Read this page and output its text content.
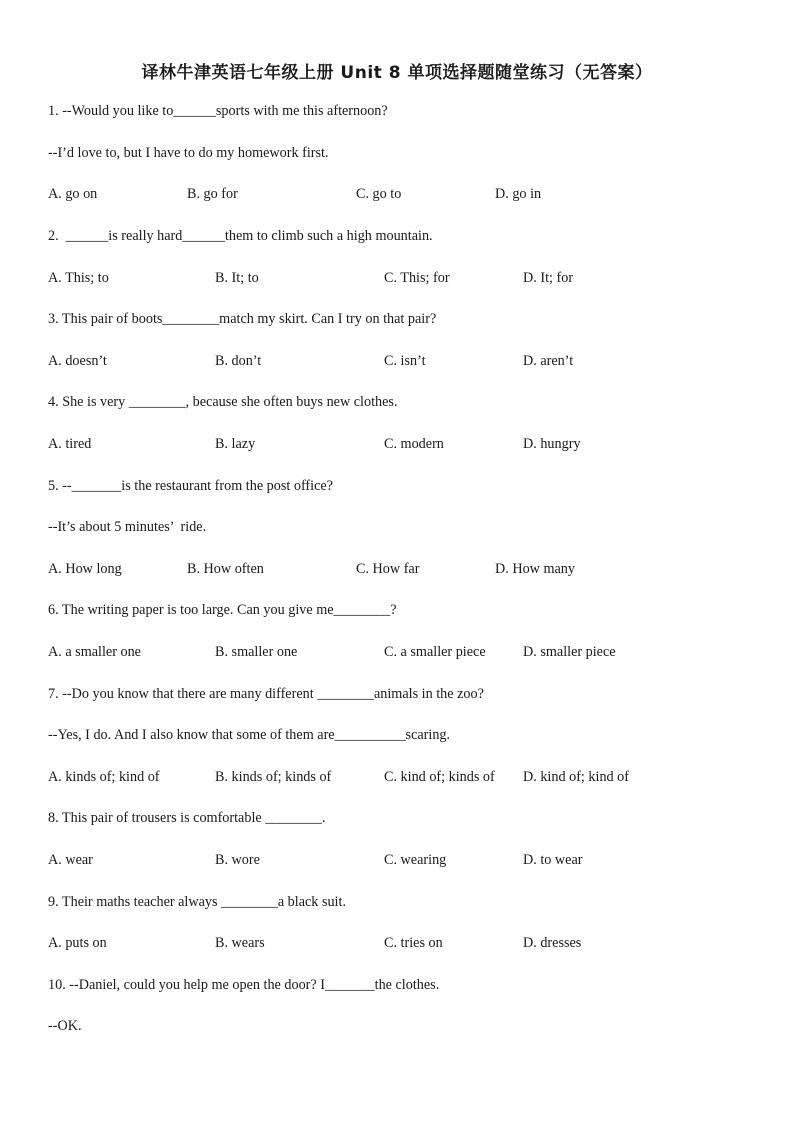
译林牛津英语七年级上册 Unit 8 单项选择题随堂练习（无答案）
1. --Would you like to______sports with me this afternoon?
--I’d love to, but I have to do my homework first.
A. go on	B. go for	C. go to	D. go in
2.  ______is really hard______them to climb such a high mountain.
A. This; to	B. It; to	C. This; for	D. It; for
3. This pair of boots________match my skirt. Can I try on that pair?
A. doesn’t	B. don’t	C. isn’t	D. aren’t
4. She is very ________, because she often buys new clothes.
A. tired	B. lazy	C. modern	D. hungry
5. --_______is the restaurant from the post office?
--It’s about 5 minutes’  ride.
A. How long	B. How often	C. How far	D. How many
6. The writing paper is too large. Can you give me________?
A. a smaller one	B. smaller one	C. a smaller piece	D. smaller piece
7. --Do you know that there are many different ________animals in the zoo?
--Yes, I do. And I also know that some of them are__________scaring.
A. kinds of; kind of	B. kinds of; kinds of	C. kind of; kinds of D. kind of; kind of
8. This pair of trousers is comfortable ________.
A. wear	B. wore	C. wearing	D. to wear
9. Their maths teacher always ________a black suit.
A. puts on	B. wears	C. tries on	D. dresses
10. --Daniel, could you help me open the door? I_______the clothes.
--OK.
